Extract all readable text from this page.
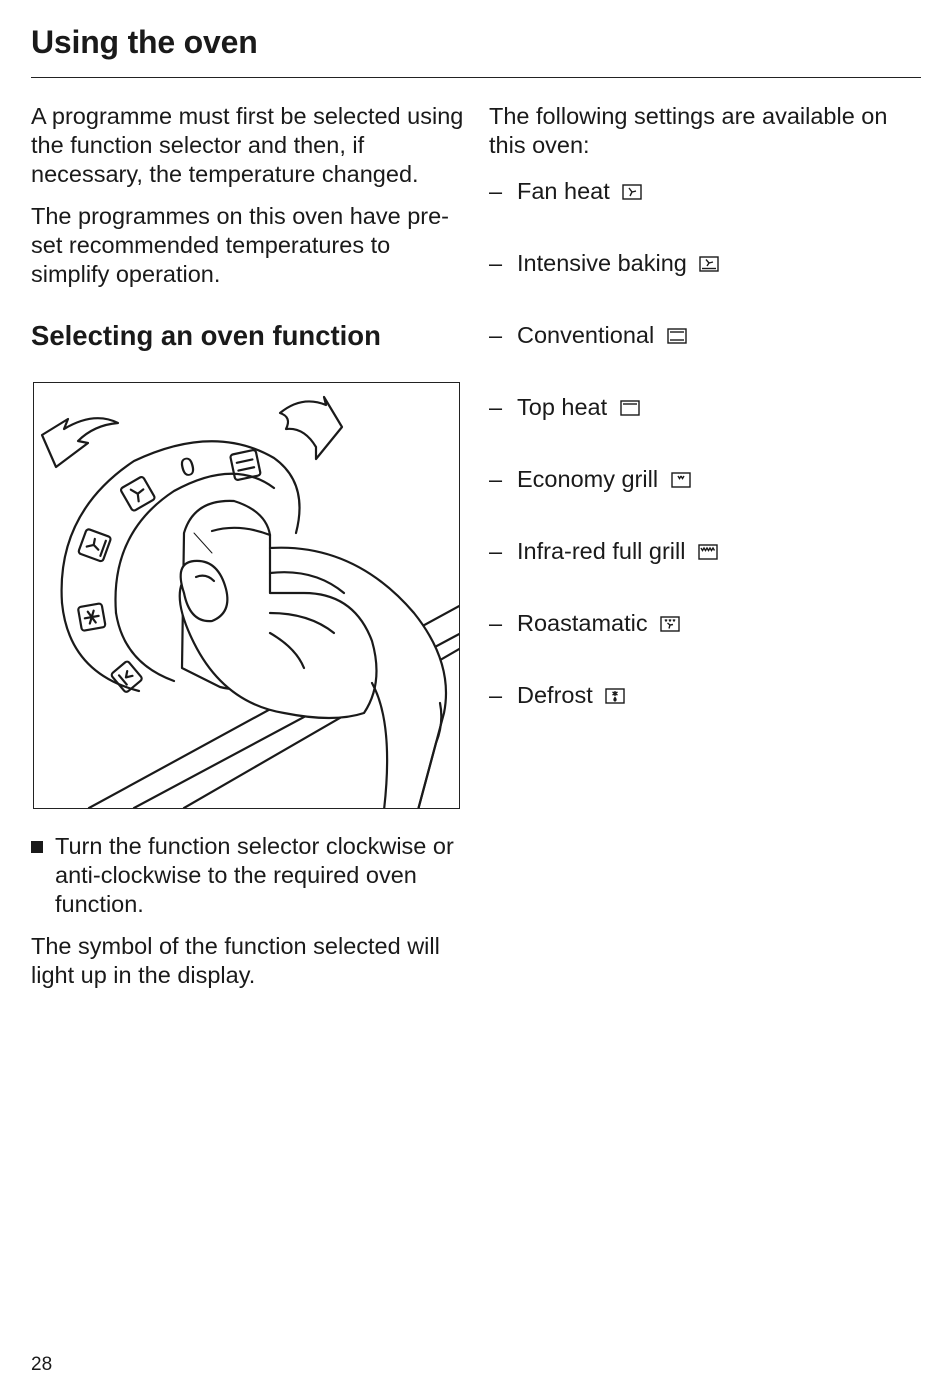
Using the oven

A programme must first be selected using the function selector and then, if necessary, the temperature changed.

The programmes on this oven have pre-set recommended temperatures to simplify operation.

Selecting an oven function
0
Turn the function selector clockwise or anti-clockwise to the required oven function.

The symbol of the function selected will light up in the display.

The following settings are available on this oven:

– Fan heat
– Intensive baking
– Conventional
– Top heat
– Economy grill
– Infra-red full grill
– Roastamatic
– Defrost
28
